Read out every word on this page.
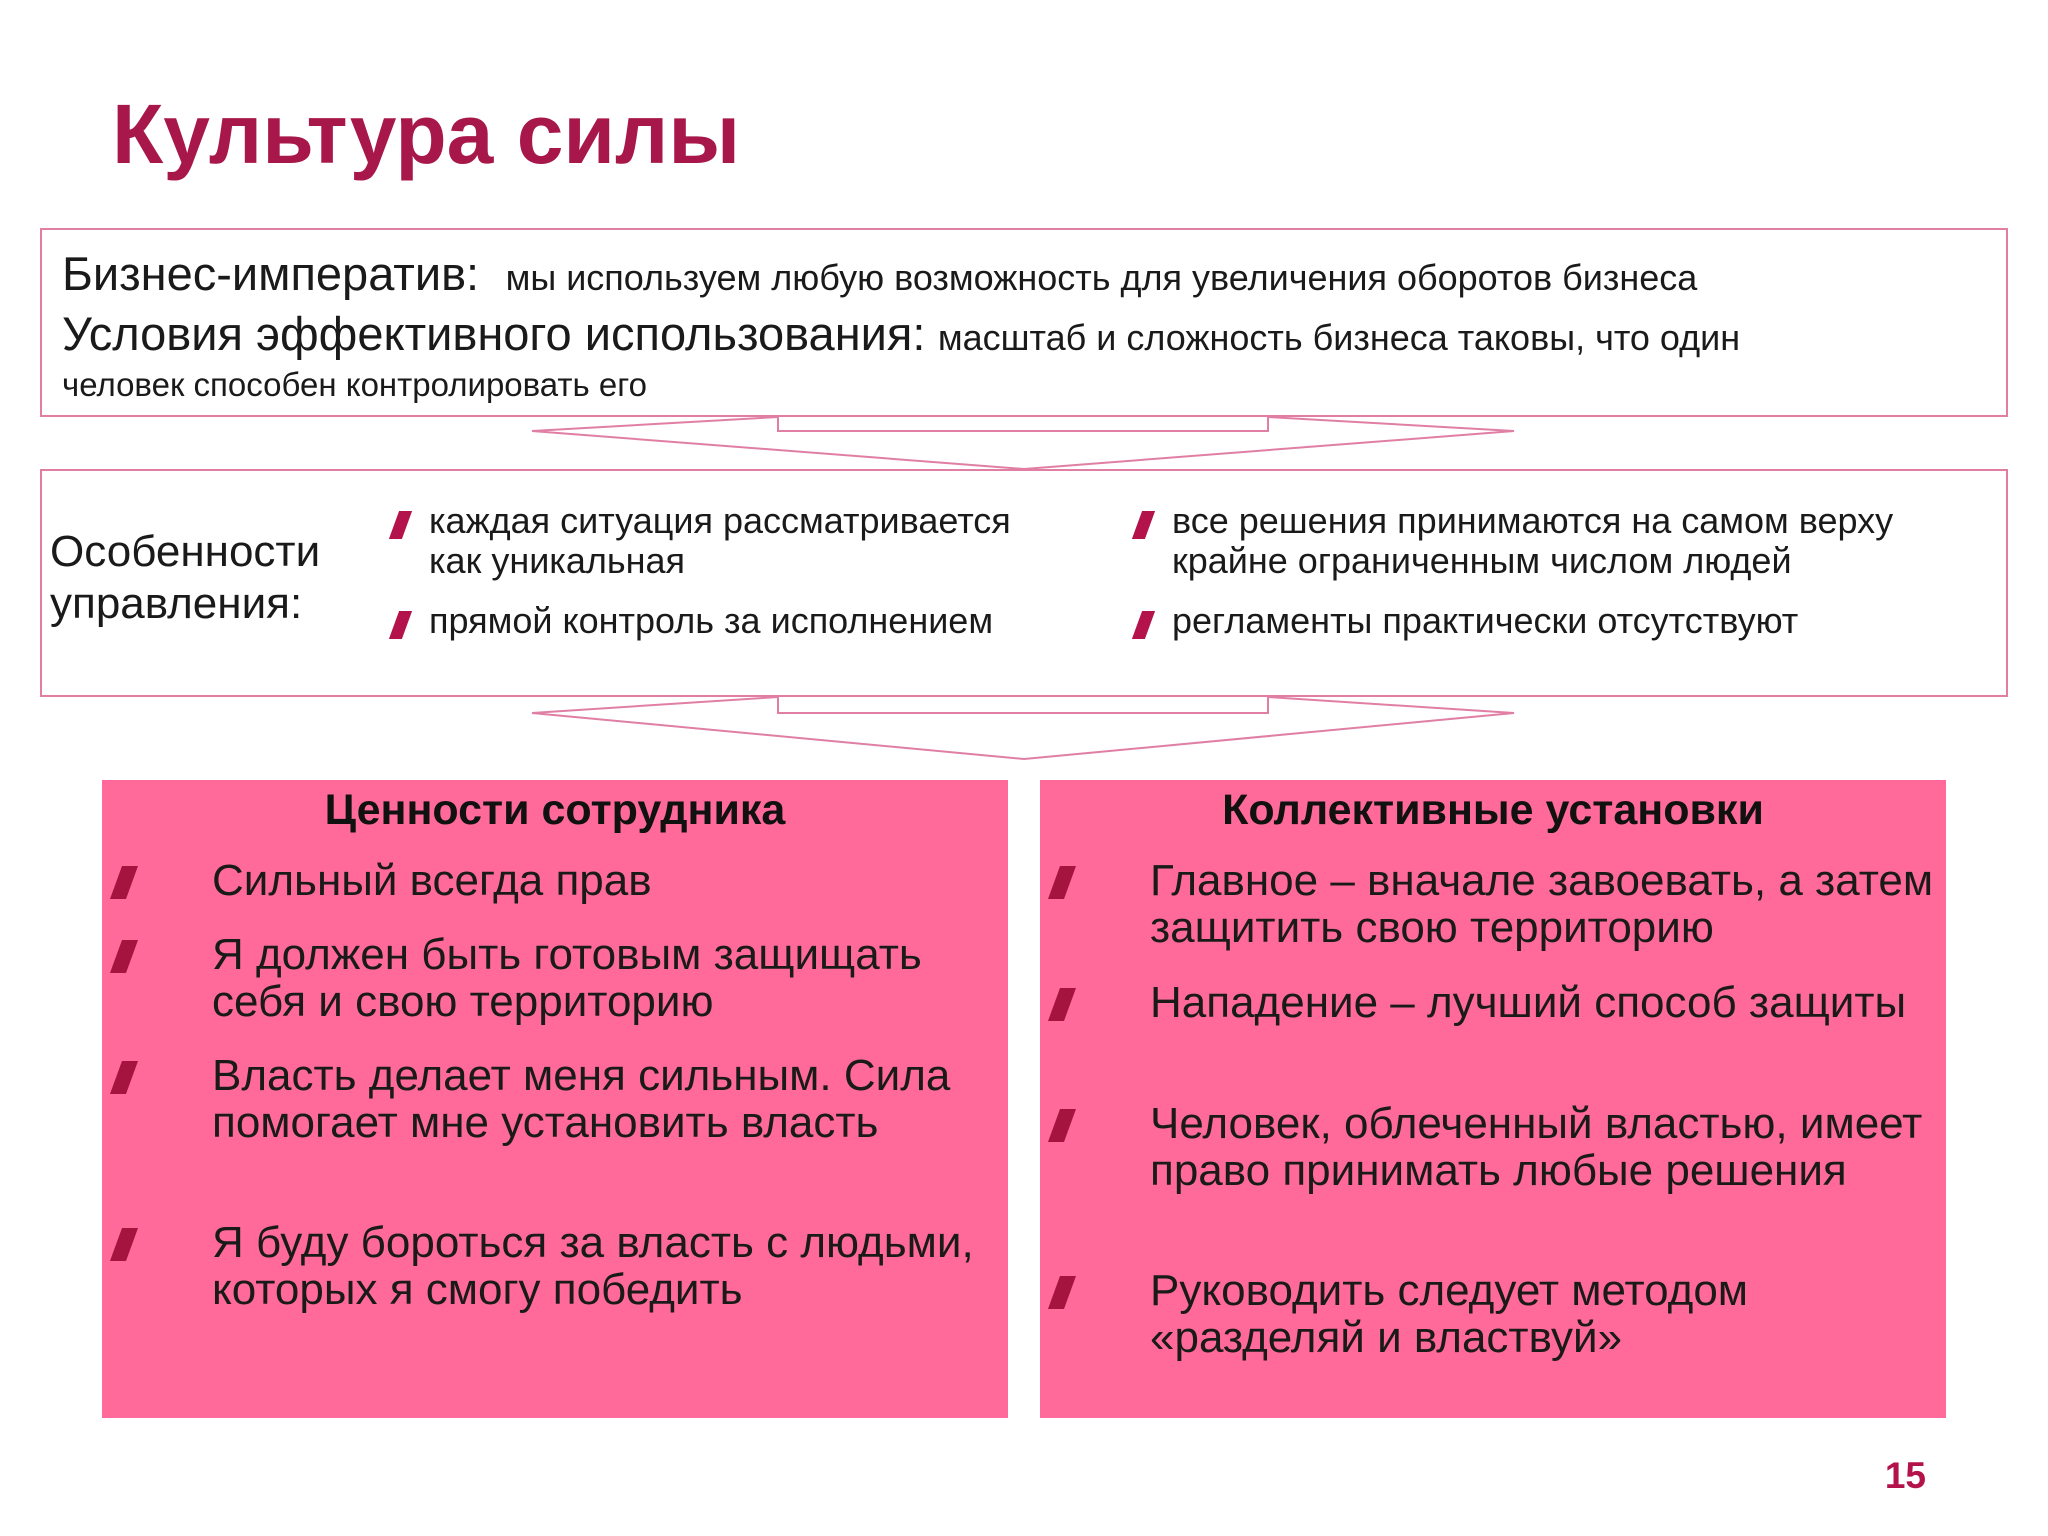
Культура силы
Бизнес-императив: мы используем любую возможность для увеличения оборотов бизнеса
Условия эффективного использования: масштаб и сложность бизнеса таковы, что один
человек способен контролировать его
Особенности
управления:
каждая ситуация рассматривается
как уникальная
прямой контроль за исполнением
все решения принимаются на самом верху
крайне ограниченным числом людей
регламенты практически отсутствуют
Ценности сотрудника
Сильный всегда прав
Я должен быть готовым защищать себя и свою территорию
Власть делает меня сильным. Сила помогает мне установить власть
Я буду бороться за власть с людьми, которых я смогу победить
Коллективные установки
Главное – вначале завоевать, а затем защитить свою территорию
Нападение – лучший способ защиты
Человек, облеченный властью, имеет право принимать любые решения
Руководить следует методом «разделяй и властвуй»
15
